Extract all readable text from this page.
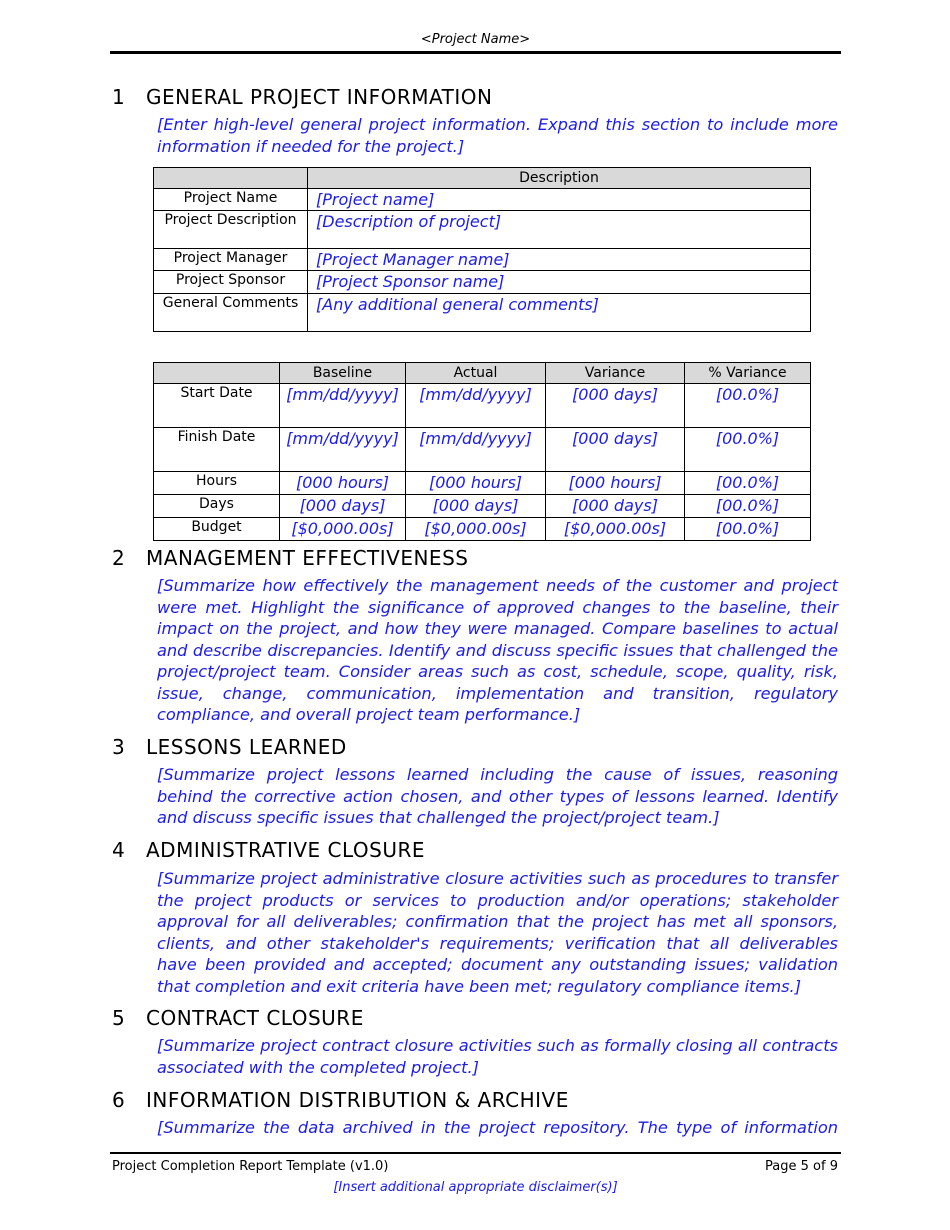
<Project Name>
1 GENERAL PROJECT INFORMATION
[Enter high-level general project information. Expand this section to include more information if needed for the project.]
	Description
Project Name	[Project name]
Project Description	[Description of project]
Project Manager	[Project Manager name]
Project Sponsor	[Project Sponsor name]
General Comments	[Any additional general comments]
	Baseline	Actual	Variance	% Variance
Start Date	[mm/dd/yyyy]	[mm/dd/yyyy]	[000 days]	[00.0%]
Finish Date	[mm/dd/yyyy]	[mm/dd/yyyy]	[000 days]	[00.0%]
Hours	[000 hours]	[000 hours]	[000 hours]	[00.0%]
Days	[000 days]	[000 days]	[000 days]	[00.0%]
Budget	[$0,000.00s]	[$0,000.00s]	[$0,000.00s]	[00.0%]
2 MANAGEMENT EFFECTIVENESS
[Summarize how effectively the management needs of the customer and project were met. Highlight the significance of approved changes to the baseline, their impact on the project, and how they were managed. Compare baselines to actual and describe discrepancies. Identify and discuss specific issues that challenged the project/project team. Consider areas such as cost, schedule, scope, quality, risk, issue, change, communication, implementation and transition, regulatory compliance, and overall project team performance.]
3 LESSONS LEARNED
[Summarize project lessons learned including the cause of issues, reasoning behind the corrective action chosen, and other types of lessons learned. Identify and discuss specific issues that challenged the project/project team.]
4 ADMINISTRATIVE CLOSURE
[Summarize project administrative closure activities such as procedures to transfer the project products or services to production and/or operations; stakeholder approval for all deliverables; confirmation that the project has met all sponsors, clients, and other stakeholder's requirements; verification that all deliverables have been provided and accepted; document any outstanding issues; validation that completion and exit criteria have been met; regulatory compliance items.]
5 CONTRACT CLOSURE
[Summarize project contract closure activities such as formally closing all contracts associated with the completed project.]
6 INFORMATION DISTRIBUTION & ARCHIVE
[Summarize the data archived in the project repository. The type of information
Project Completion Report Template (v1.0)	Page 5 of 9
[Insert additional appropriate disclaimer(s)]
